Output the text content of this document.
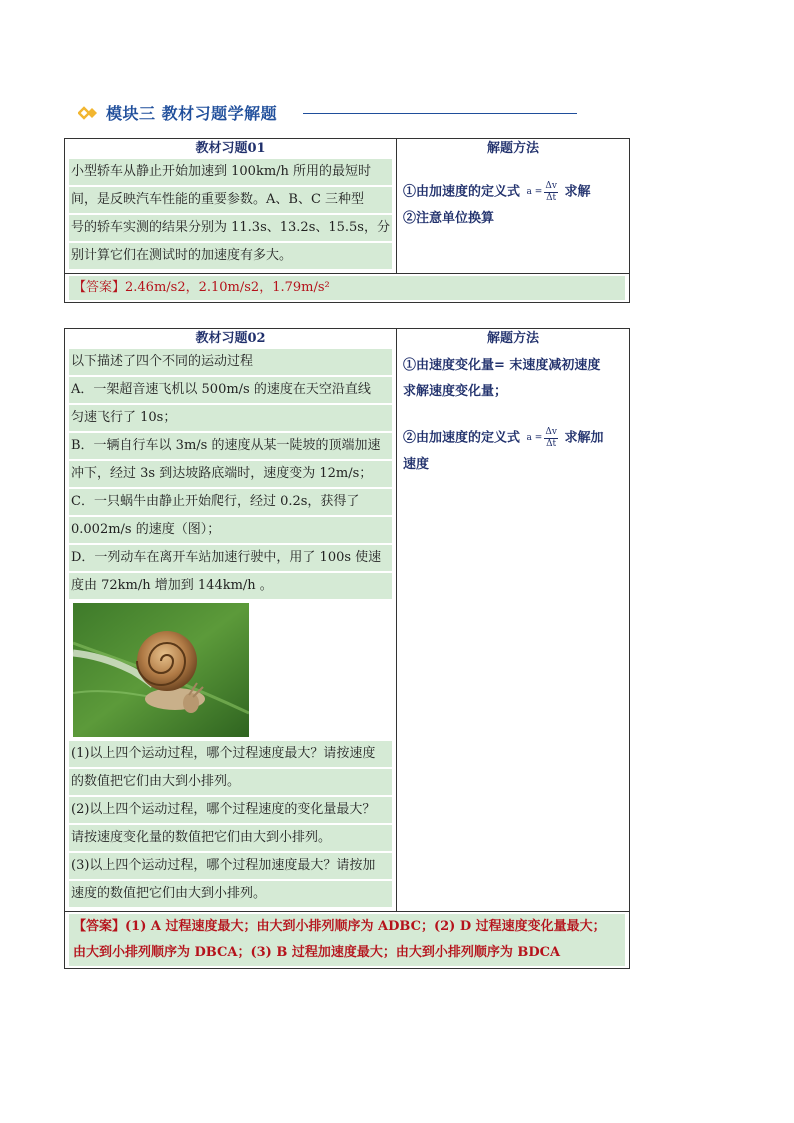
模块三 教材习题学解题
教材习题01
小型轿车从静止开始加速到 100km/h 所用的最短时
间，是反映汽车性能的重要参数。A、B、C 三种型
号的轿车实测的结果分别为 11.3s、13.2s、15.5s，分
别计算它们在测试时的加速度有多大。
解题方法
①由加速度的定义式 $a = \frac{\Delta v}{\Delta t}$ 求解
②注意单位换算
【答案】2.46m/s2，2.10m/s2，1.79m/s²
教材习题02
以下描述了四个不同的运动过程
A．一架超音速飞机以 500m/s 的速度在天空沿直线
匀速飞行了 10s；
B．一辆自行车以 3m/s 的速度从某一陡坡的顶端加速
冲下，经过 3s 到达坡路底端时，速度变为 12m/s；
C．一只蜗牛由静止开始爬行，经过 0.2s，获得了
0.002m/s 的速度（图）；
D．一列动车在离开车站加速行驶中，用了 100s 使速
度由 72km/h 增加到 144km/h 。
(1)以上四个运动过程，哪个过程速度最大？请按速度
的数值把它们由大到小排列。
(2)以上四个运动过程，哪个过程速度的变化量最大？
请按速度变化量的数值把它们由大到小排列。
(3)以上四个运动过程，哪个过程加速度最大？请按加
速度的数值把它们由大到小排列。
解题方法
①由速度变化量= 末速度减初速度
求解速度变化量；
②由加速度的定义式 $a = \frac{\Delta v}{\Delta t}$ 求解加
速度
【答案】(1) A 过程速度最大；由大到小排列顺序为 ADBC；(2) D 过程速度变化量最大；
由大到小排列顺序为 DBCA；(3) B 过程加速度最大；由大到小排列顺序为 BDCA
